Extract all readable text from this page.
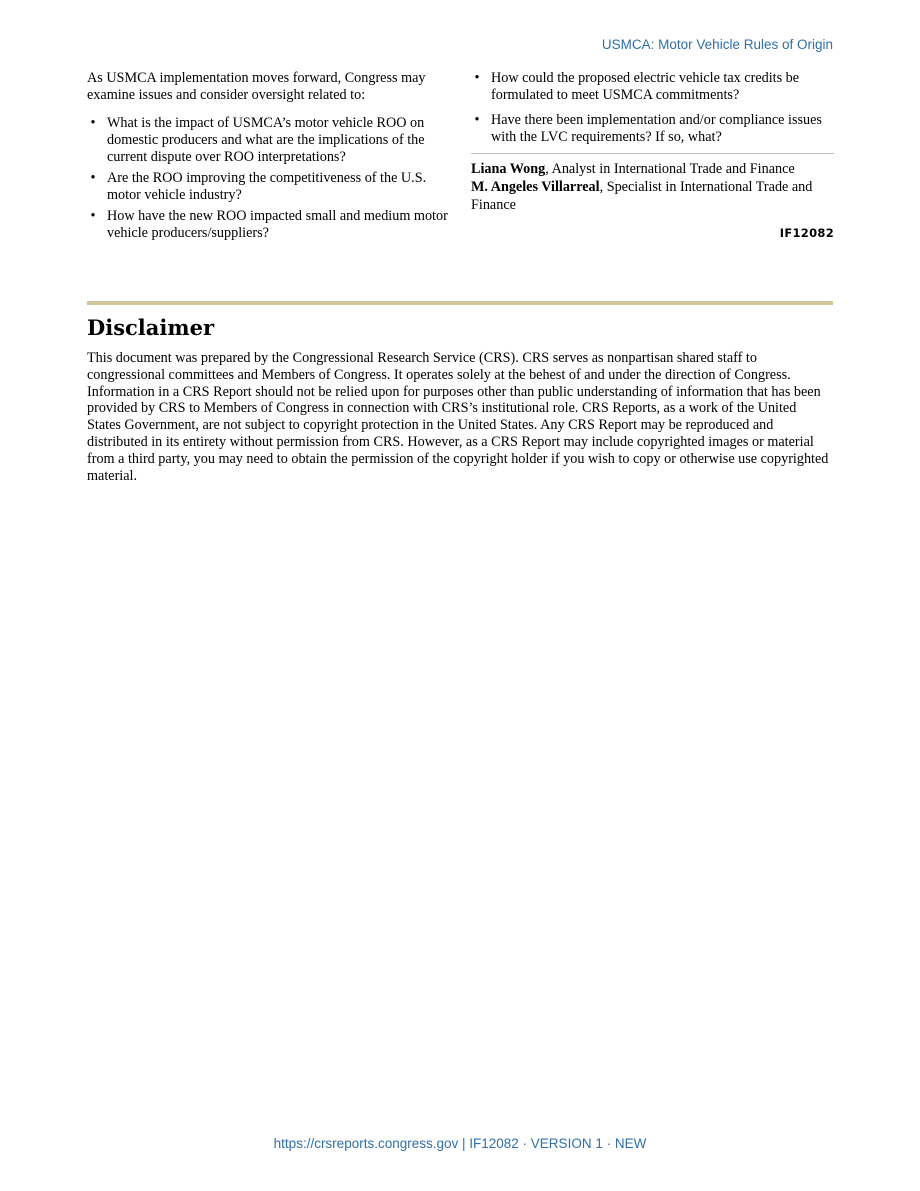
USMCA: Motor Vehicle Rules of Origin

As USMCA implementation moves forward, Congress may examine issues and consider oversight related to:

• What is the impact of USMCA’s motor vehicle ROO on domestic producers and what are the implications of the current dispute over ROO interpretations?
• Are the ROO improving the competitiveness of the U.S. motor vehicle industry?
• How have the new ROO impacted small and medium motor vehicle producers/suppliers?
• How could the proposed electric vehicle tax credits be formulated to meet USMCA commitments?
• Have there been implementation and/or compliance issues with the LVC requirements? If so, what?
Liana Wong, Analyst in International Trade and Finance
M. Angeles Villarreal, Specialist in International Trade and Finance
IF12082
Disclaimer

This document was prepared by the Congressional Research Service (CRS). CRS serves as nonpartisan shared staff to congressional committees and Members of Congress. It operates solely at the behest of and under the direction of Congress. Information in a CRS Report should not be relied upon for purposes other than public understanding of information that has been provided by CRS to Members of Congress in connection with CRS’s institutional role. CRS Reports, as a work of the United States Government, are not subject to copyright protection in the United States. Any CRS Report may be reproduced and distributed in its entirety without permission from CRS. However, as a CRS Report may include copyrighted images or material from a third party, you may need to obtain the permission of the copyright holder if you wish to copy or otherwise use copyrighted material.

https://crsreports.congress.gov | IF12082 · VERSION 1 · NEW
